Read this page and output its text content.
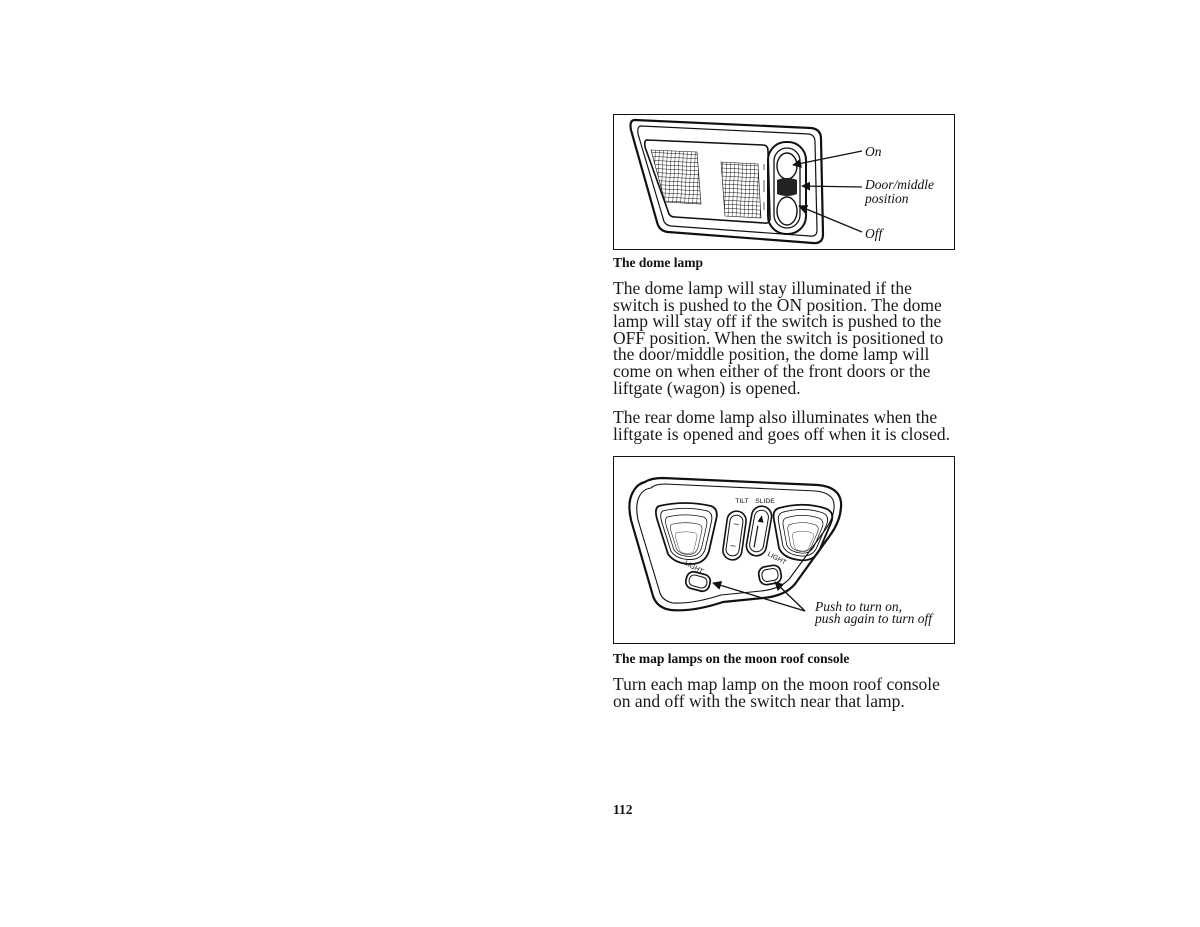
On
Door/middle
position
Off
The dome lamp
The dome lamp will stay illuminated if the
switch is pushed to the ON position. The dome
lamp will stay off if the switch is pushed to the
OFF position. When the switch is positioned to
the door/middle position, the dome lamp will
come on when either of the front doors or the
liftgate (wagon) is opened.
The rear dome lamp also illuminates when the
liftgate is opened and goes off when it is closed.
TILT SLIDE
LIGHT
LIGHT
Push to turn on,
push again to turn off
The map lamps on the moon roof console
Turn each map lamp on the moon roof console
on and off with the switch near that lamp.
112
